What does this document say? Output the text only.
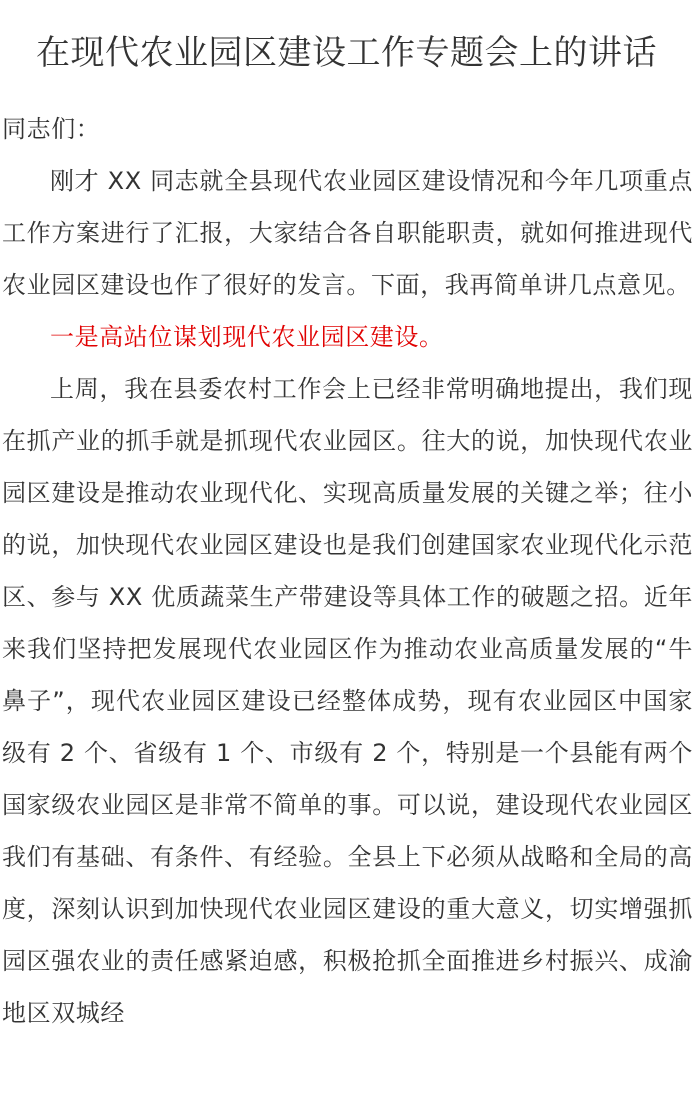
在现代农业园区建设工作专题会上的讲话

同志们：

刚才 XX 同志就全县现代农业园区建设情况和今年几项重点工作方案进行了汇报，大家结合各自职能职责，就如何推进现代农业园区建设也作了很好的发言。下面，我再简单讲几点意见。

一是高站位谋划现代农业园区建设。

上周，我在县委农村工作会上已经非常明确地提出，我们现在抓产业的抓手就是抓现代农业园区。往大的说，加快现代农业园区建设是推动农业现代化、实现高质量发展的关键之举；往小的说，加快现代农业园区建设也是我们创建国家农业现代化示范区、参与 XX 优质蔬菜生产带建设等具体工作的破题之招。近年来我们坚持把发展现代农业园区作为推动农业高质量发展的“牛鼻子”，现代农业园区建设已经整体成势，现有农业园区中国家级有 2 个、省级有 1 个、市级有 2 个，特别是一个县能有两个国家级农业园区是非常不简单的事。可以说，建设现代农业园区我们有基础、有条件、有经验。全县上下必须从战略和全局的高度，深刻认识到加快现代农业园区建设的重大意义，切实增强抓园区强农业的责任感紧迫感，积极抢抓全面推进乡村振兴、成渝地区双城经
